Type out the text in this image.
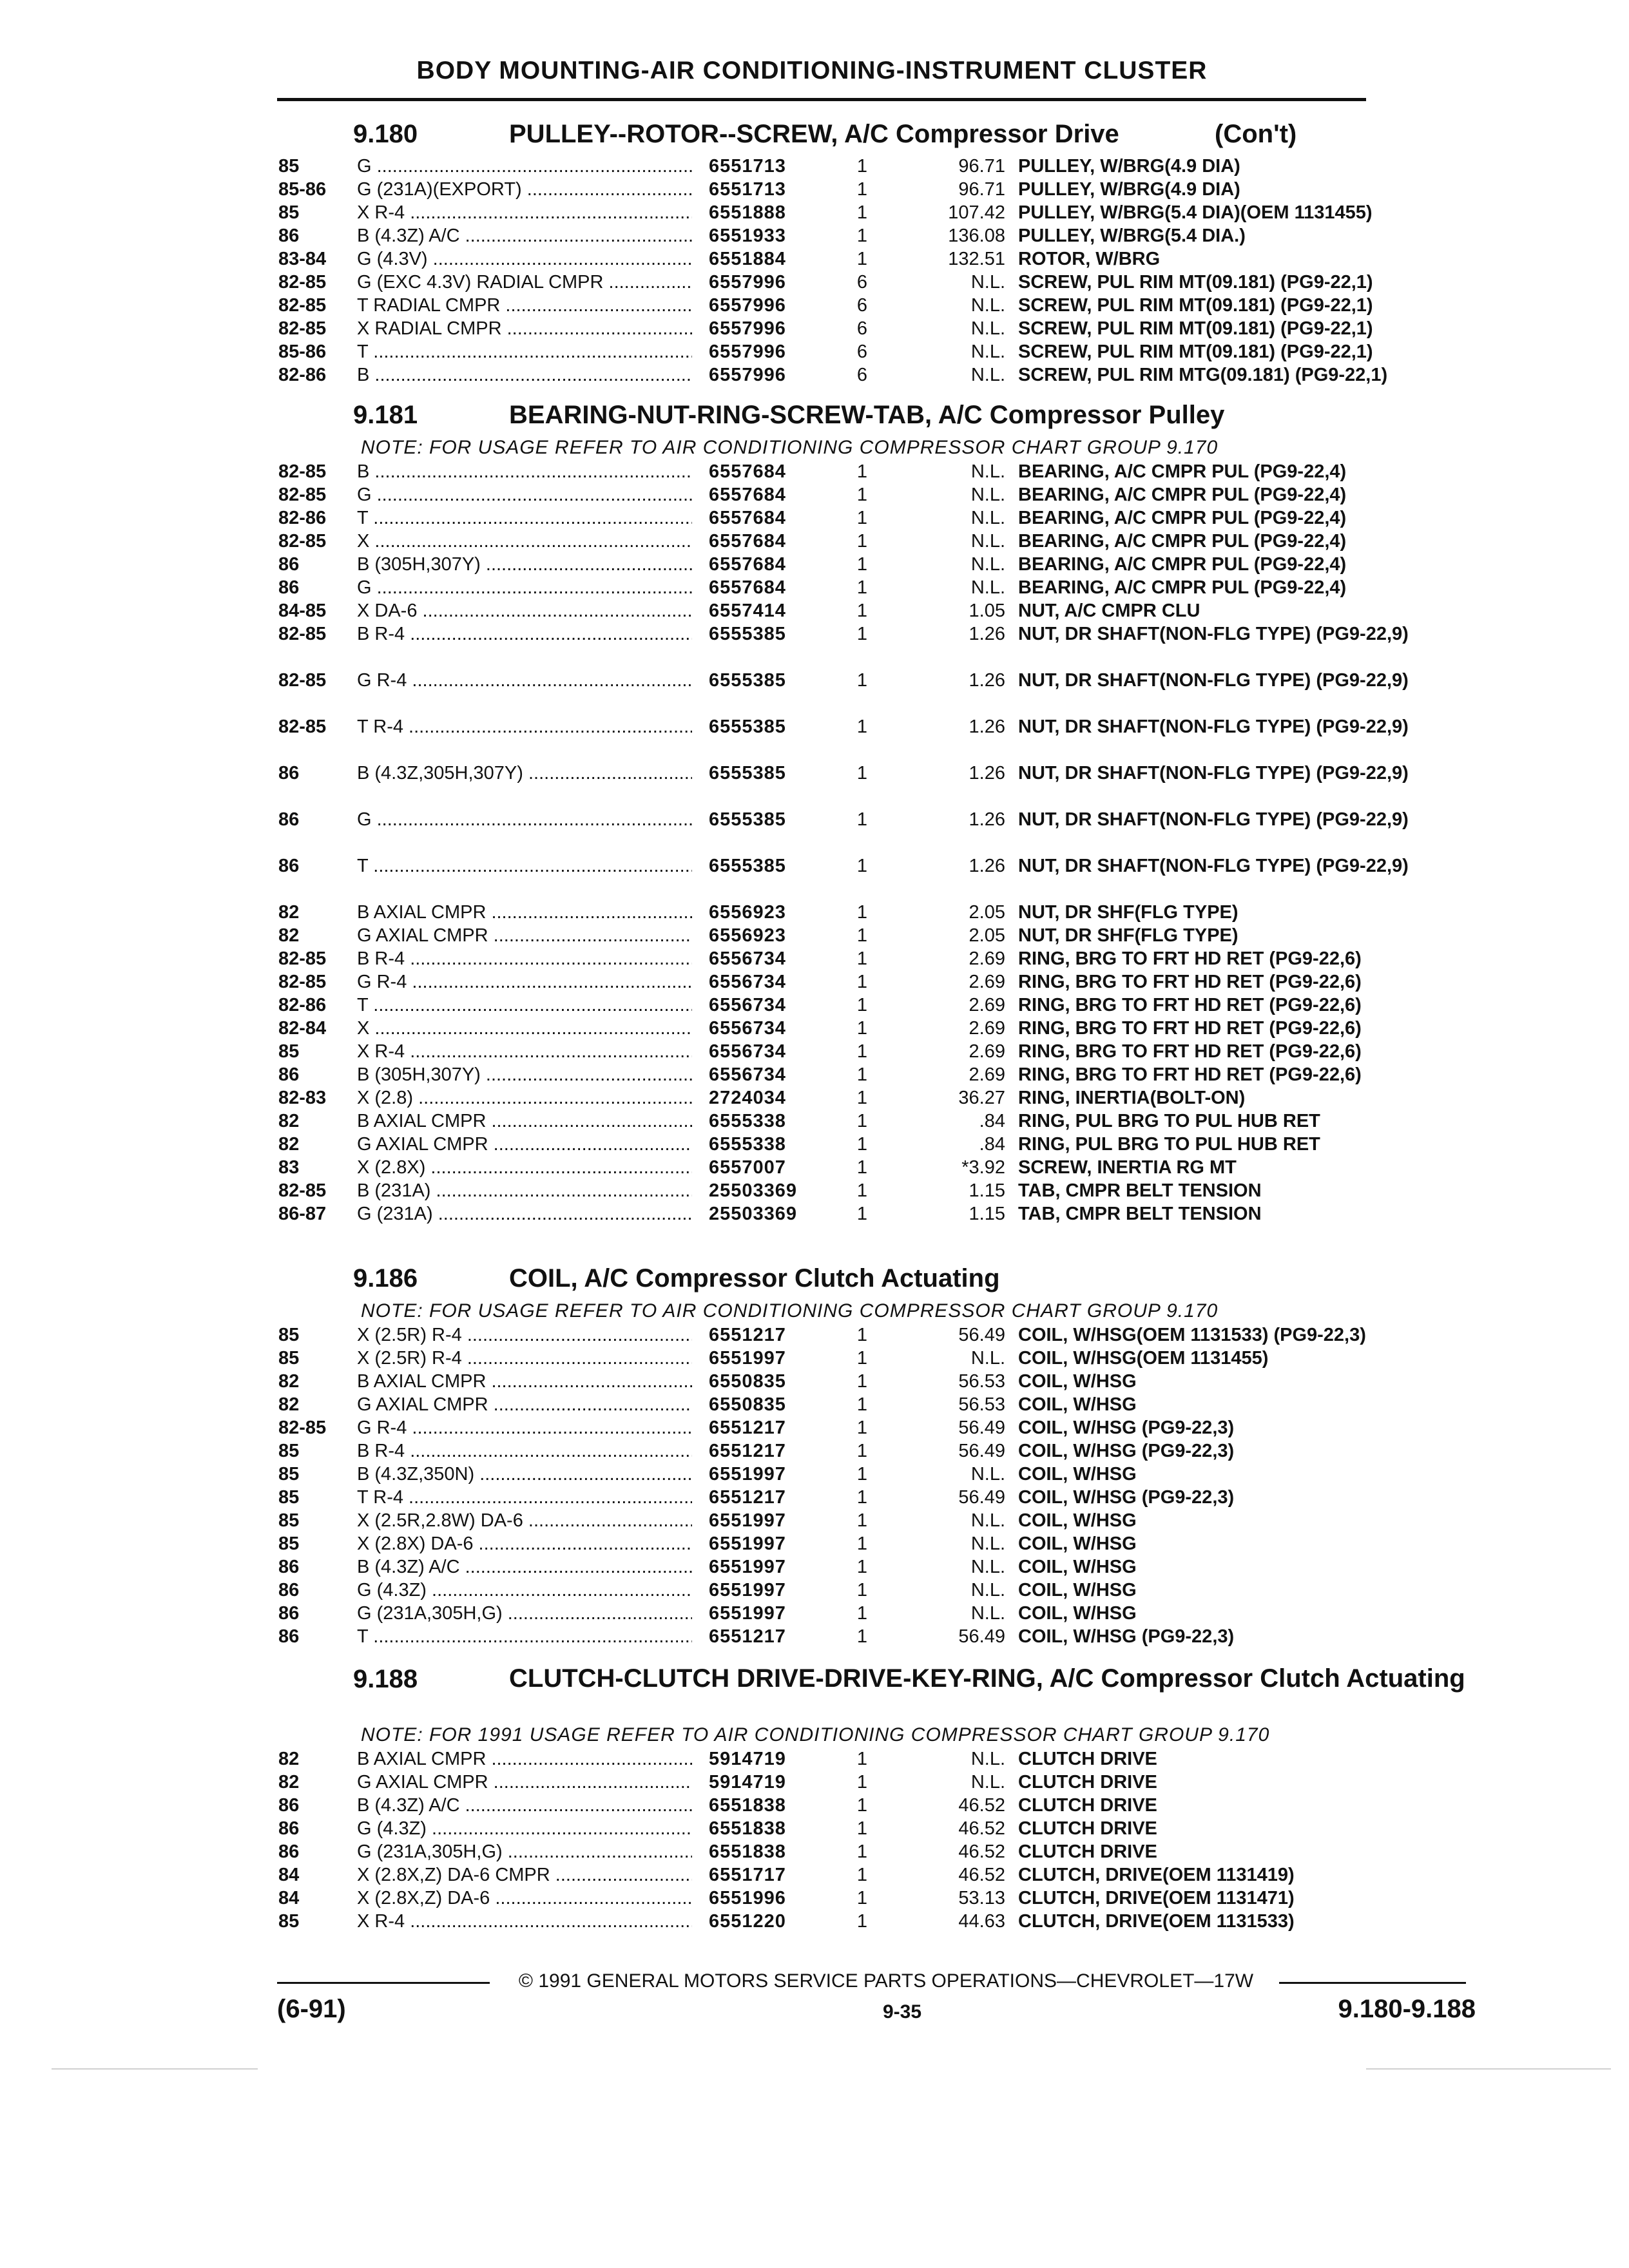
BODY MOUNTING-AIR CONDITIONING-INSTRUMENT CLUSTER
9.180	PULLEY--ROTOR--SCREW, A/C Compressor Drive	(Con't)
85	G .....	6551713	1	96.71 PULLEY, W/BRG(4.9 DIA)
85-86	G (231A)(EXPORT) .....	6551713	1	96.71 PULLEY, W/BRG(4.9 DIA)
85	X R-4 .....	6551888	1	107.42 PULLEY, W/BRG(5.4 DIA)(OEM 1131455)
86	B (4.3Z) A/C .....	6551933	1	136.08 PULLEY, W/BRG(5.4 DIA.)
83-84	G (4.3V) .....	6551884	1	132.51 ROTOR, W/BRG
82-85	G (EXC 4.3V) RADIAL CMPR .....	6557996	6	N.L. SCREW, PUL RIM MT(09.181) (PG9-22,1)
82-85	T RADIAL CMPR .....	6557996	6	N.L. SCREW, PUL RIM MT(09.181) (PG9-22,1)
82-85	X RADIAL CMPR .....	6557996	6	N.L. SCREW, PUL RIM MT(09.181) (PG9-22,1)
85-86	T .....	6557996	6	N.L. SCREW, PUL RIM MT(09.181) (PG9-22,1)
82-86	B .....	6557996	6	N.L. SCREW, PUL RIM MTG(09.181) (PG9-22,1)
9.181	BEARING-NUT-RING-SCREW-TAB, A/C Compressor Pulley
NOTE: FOR USAGE REFER TO AIR CONDITIONING COMPRESSOR CHART GROUP 9.170
82-85	B .....	6557684	1	N.L. BEARING, A/C CMPR PUL (PG9-22,4)
82-85	G .....	6557684	1	N.L. BEARING, A/C CMPR PUL (PG9-22,4)
82-86	T .....	6557684	1	N.L. BEARING, A/C CMPR PUL (PG9-22,4)
82-85	X .....	6557684	1	N.L. BEARING, A/C CMPR PUL (PG9-22,4)
86	B (305H,307Y) .....	6557684	1	N.L. BEARING, A/C CMPR PUL (PG9-22,4)
86	G .....	6557684	1	N.L. BEARING, A/C CMPR PUL (PG9-22,4)
84-85	X DA-6 .....	6557414	1	1.05 NUT, A/C CMPR CLU
82-85	B R-4 .....	6555385	1	1.26 NUT, DR SHAFT(NON-FLG TYPE) (PG9-22,9)
82-85	G R-4 .....	6555385	1	1.26 NUT, DR SHAFT(NON-FLG TYPE) (PG9-22,9)
82-85	T R-4 .....	6555385	1	1.26 NUT, DR SHAFT(NON-FLG TYPE) (PG9-22,9)
86	B (4.3Z,305H,307Y) .....	6555385	1	1.26 NUT, DR SHAFT(NON-FLG TYPE) (PG9-22,9)
86	G .....	6555385	1	1.26 NUT, DR SHAFT(NON-FLG TYPE) (PG9-22,9)
86	T .....	6555385	1	1.26 NUT, DR SHAFT(NON-FLG TYPE) (PG9-22,9)
82	B AXIAL CMPR .....	6556923	1	2.05 NUT, DR SHF(FLG TYPE)
82	G AXIAL CMPR .....	6556923	1	2.05 NUT, DR SHF(FLG TYPE)
82-85	B R-4 .....	6556734	1	2.69 RING, BRG TO FRT HD RET (PG9-22,6)
82-85	G R-4 .....	6556734	1	2.69 RING, BRG TO FRT HD RET (PG9-22,6)
82-86	T .....	6556734	1	2.69 RING, BRG TO FRT HD RET (PG9-22,6)
82-84	X .....	6556734	1	2.69 RING, BRG TO FRT HD RET (PG9-22,6)
85	X R-4 .....	6556734	1	2.69 RING, BRG TO FRT HD RET (PG9-22,6)
86	B (305H,307Y) .....	6556734	1	2.69 RING, BRG TO FRT HD RET (PG9-22,6)
82-83	X (2.8) .....	2724034	1	36.27 RING, INERTIA(BOLT-ON)
82	B AXIAL CMPR .....	6555338	1	.84 RING, PUL BRG TO PUL HUB RET
82	G AXIAL CMPR .....	6555338	1	.84 RING, PUL BRG TO PUL HUB RET
83	X (2.8X) .....	6557007	1	*3.92 SCREW, INERTIA RG MT
82-85	B (231A) .....	25503369	1	1.15 TAB, CMPR BELT TENSION
86-87	G (231A) .....	25503369	1	1.15 TAB, CMPR BELT TENSION
9.186	COIL, A/C Compressor Clutch Actuating
NOTE: FOR USAGE REFER TO AIR CONDITIONING COMPRESSOR CHART GROUP 9.170
85	X (2.5R) R-4 .....	6551217	1	56.49 COIL, W/HSG(OEM 1131533) (PG9-22,3)
85	X (2.5R) R-4 .....	6551997	1	N.L. COIL, W/HSG(OEM 1131455)
82	B AXIAL CMPR .....	6550835	1	56.53 COIL, W/HSG
82	G AXIAL CMPR .....	6550835	1	56.53 COIL, W/HSG
82-85	G R-4 .....	6551217	1	56.49 COIL, W/HSG (PG9-22,3)
85	B R-4 .....	6551217	1	56.49 COIL, W/HSG (PG9-22,3)
85	B (4.3Z,350N) .....	6551997	1	N.L. COIL, W/HSG
85	T R-4 .....	6551217	1	56.49 COIL, W/HSG (PG9-22,3)
85	X (2.5R,2.8W) DA-6 .....	6551997	1	N.L. COIL, W/HSG
85	X (2.8X) DA-6 .....	6551997	1	N.L. COIL, W/HSG
86	B (4.3Z) A/C .....	6551997	1	N.L. COIL, W/HSG
86	G (4.3Z) .....	6551997	1	N.L. COIL, W/HSG
86	G (231A,305H,G) .....	6551997	1	N.L. COIL, W/HSG
86	T .....	6551217	1	56.49 COIL, W/HSG (PG9-22,3)
9.188	CLUTCH-CLUTCH DRIVE-DRIVE-KEY-RING, A/C Compressor Clutch Actuating
NOTE: FOR 1991 USAGE REFER TO AIR CONDITIONING COMPRESSOR CHART GROUP 9.170
82	B AXIAL CMPR .....	5914719	1	N.L. CLUTCH DRIVE
82	G AXIAL CMPR .....	5914719	1	N.L. CLUTCH DRIVE
86	B (4.3Z) A/C .....	6551838	1	46.52 CLUTCH DRIVE
86	G (4.3Z) .....	6551838	1	46.52 CLUTCH DRIVE
86	G (231A,305H,G) .....	6551838	1	46.52 CLUTCH DRIVE
84	X (2.8X,Z) DA-6 CMPR .....	6551717	1	46.52 CLUTCH, DRIVE(OEM 1131419)
84	X (2.8X,Z) DA-6 .....	6551996	1	53.13 CLUTCH, DRIVE(OEM 1131471)
85	X R-4 .....	6551220	1	44.63 CLUTCH, DRIVE(OEM 1131533)
© 1991 GENERAL MOTORS SERVICE PARTS OPERATIONS—CHEVROLET—17W
(6-91)	9-35	9.180-9.188
